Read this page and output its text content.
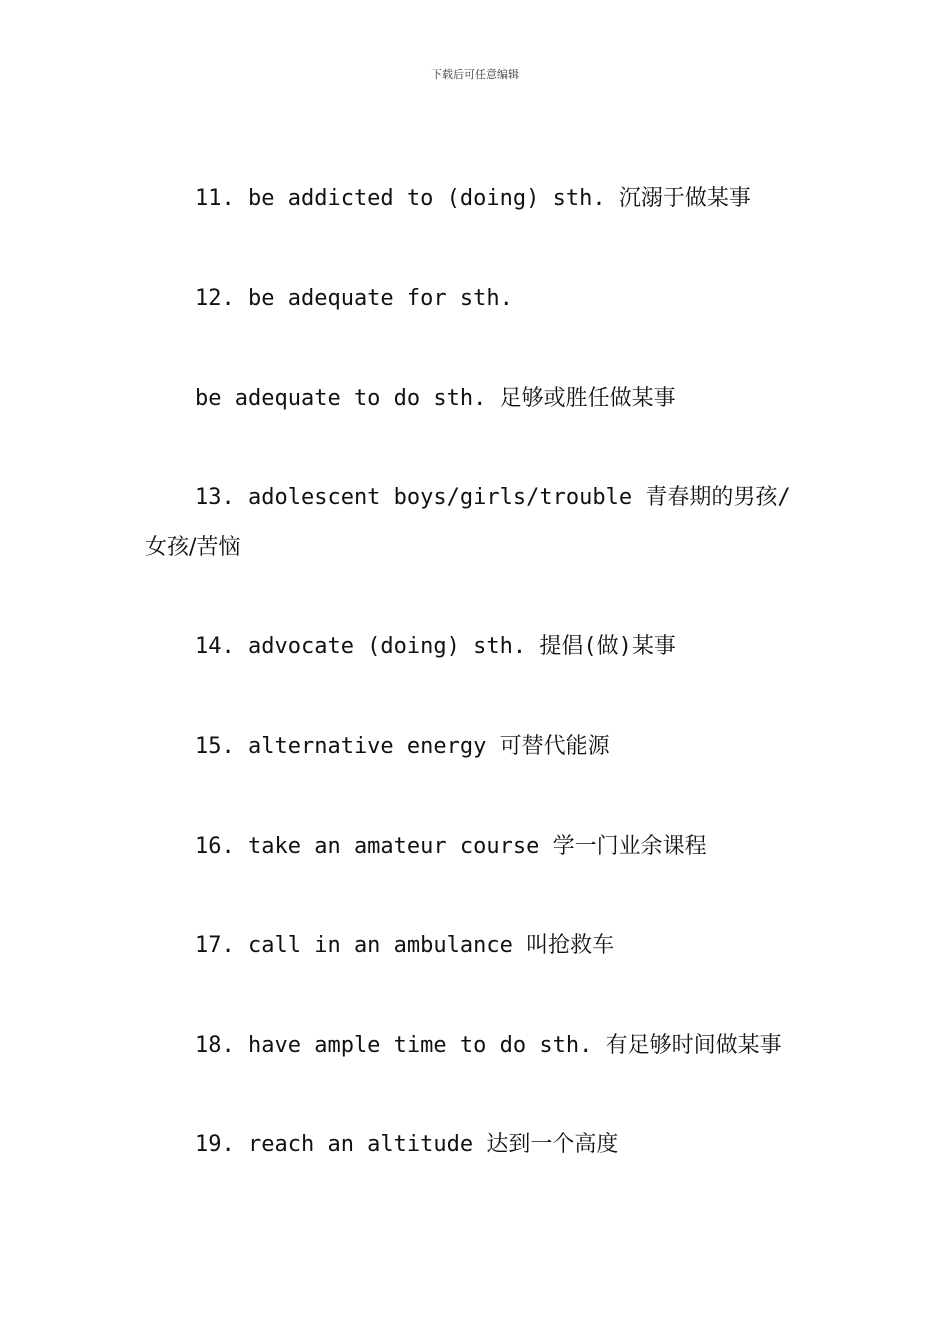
下载后可任意编辑
11. be addicted to (doing) sth. 沉溺于做某事
12. be adequate for sth.
be adequate to do sth. 足够或胜任做某事
13. adolescent boys/girls/trouble 青春期的男孩/
女孩/苦恼
14. advocate (doing) sth. 提倡(做)某事
15. alternative energy 可替代能源
16. take an amateur course 学一门业余课程
17. call in an ambulance 叫抢救车
18. have ample time to do sth. 有足够时间做某事
19. reach an altitude 达到一个高度
